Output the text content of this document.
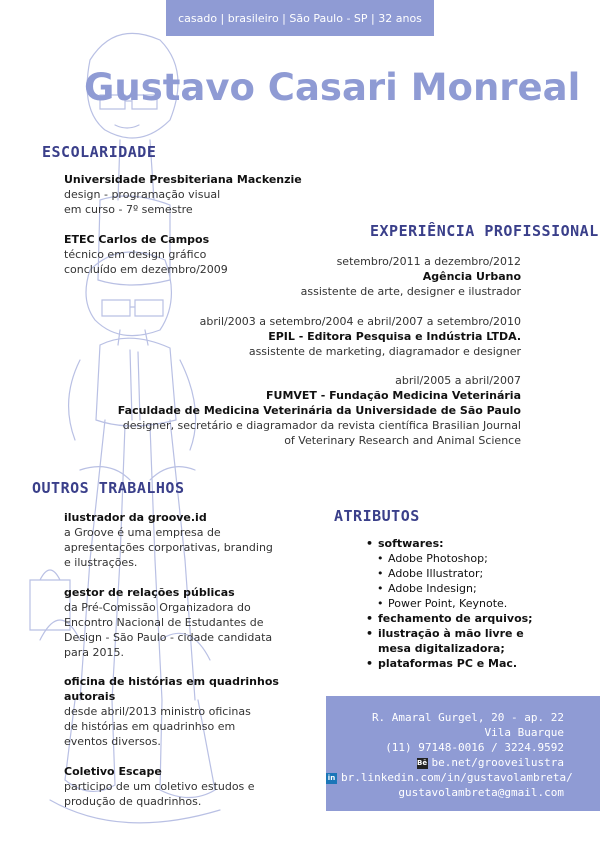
casado | brasileiro | São Paulo - SP | 32 anos
Gustavo Casari Monreal
ESCOLARIDADE
Universidade Presbiteriana Mackenzie
design - programação visual
em curso - 7º semestre
ETEC Carlos de Campos
técnico em design gráfico
concluído em dezembro/2009
EXPERIÊNCIA PROFISSIONAL
setembro/2011 a dezembro/2012
Agência Urbano
assistente de arte, designer e ilustrador
abril/2003 a setembro/2004 e abril/2007 a setembro/2010
EPIL - Editora Pesquisa e Indústria LTDA.
assistente de marketing, diagramador e designer
abril/2005 a abril/2007
FUMVET - Fundação Medicina Veterinária
Faculdade de Medicina Veterinária da Universidade de São Paulo
designer, secretário e diagramador da revista científica Brasilian Journal
of Veterinary Research and Animal Science
OUTROS TRABALHOS
ilustrador da groove.id
a Groove é uma empresa de
apresentações corporativas, branding
e ilustrações.
gestor de relações públicas
da Pré-Comissão Organizadora do
Encontro Nacional de Estudantes de
Design - São Paulo - cidade candidata
para 2015.
oficina de histórias em quadrinhos
autorais
desde abril/2013 ministro oficinas
de histórias em quadrinhso em
eventos diversos.
Coletivo Escape
participo de um coletivo estudos e
produção de quadrinhos.
ATRIBUTOS
• softwares:
• Adobe Photoshop;
• Adobe Illustrator;
• Adobe Indesign;
• Power Point, Keynote.
• fechamento de arquivos;
• ilustração à mão livre e mesa digitalizadora;
• plataformas PC e Mac.
R. Amaral Gurgel, 20 - ap. 22
Vila Buarque
(11) 97148-0016 / 3224.9592
Bē be.net/grooveilustra
in br.linkedin.com/in/gustavolambreta/
gustavolambreta@gmail.com
